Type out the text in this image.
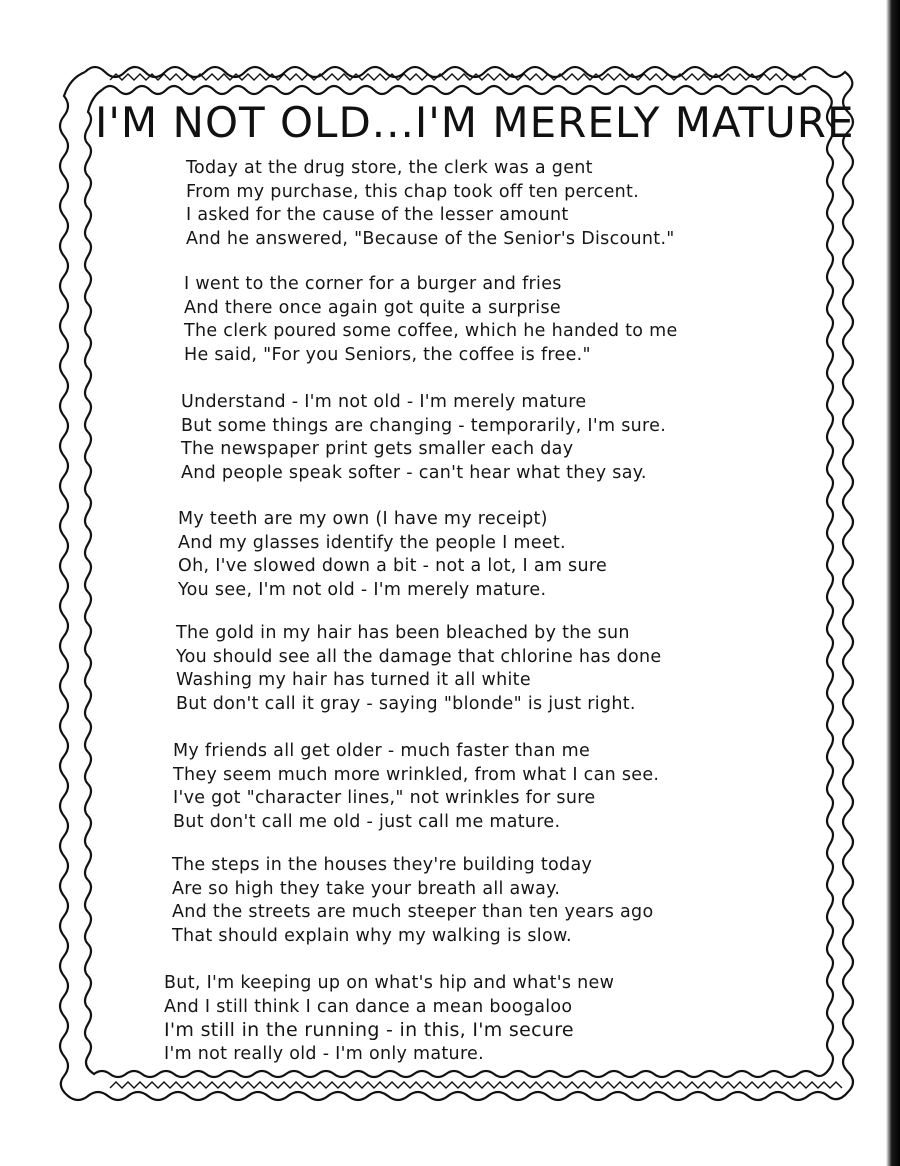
I'M NOT OLD...I'M MERELY MATURE
Today at the drug store, the clerk was a gent
From my purchase, this chap took off ten percent.
I asked for the cause of the lesser amount
And he answered, "Because of the Senior's Discount."
I went to the corner for a burger and fries
And there once again got quite a surprise
The clerk poured some coffee, which he handed to me
He said, "For you Seniors, the coffee is free."
Understand - I'm not old - I'm merely mature
But some things are changing - temporarily, I'm sure.
The newspaper print gets smaller each day
And people speak softer - can't hear what they say.
My teeth are my own (I have my receipt)
And my glasses identify the people I meet.
Oh, I've slowed down a bit - not a lot, I am sure
You see, I'm not old - I'm merely mature.
The gold in my hair has been bleached by the sun
You should see all the damage that chlorine has done
Washing my hair has turned it all white
But don't call it gray - saying "blonde" is just right.
My friends all get older - much faster than me
They seem much more wrinkled, from what I can see.
I've got "character lines," not wrinkles for sure
But don't call me old - just call me mature.
The steps in the houses they're building today
Are so high they take your breath all away.
And the streets are much steeper than ten years ago
That should explain why my walking is slow.
But, I'm keeping up on what's hip and what's new
And I still think I can dance a mean boogaloo
I'm still in the running - in this, I'm secure
I'm not really old - I'm only mature.
